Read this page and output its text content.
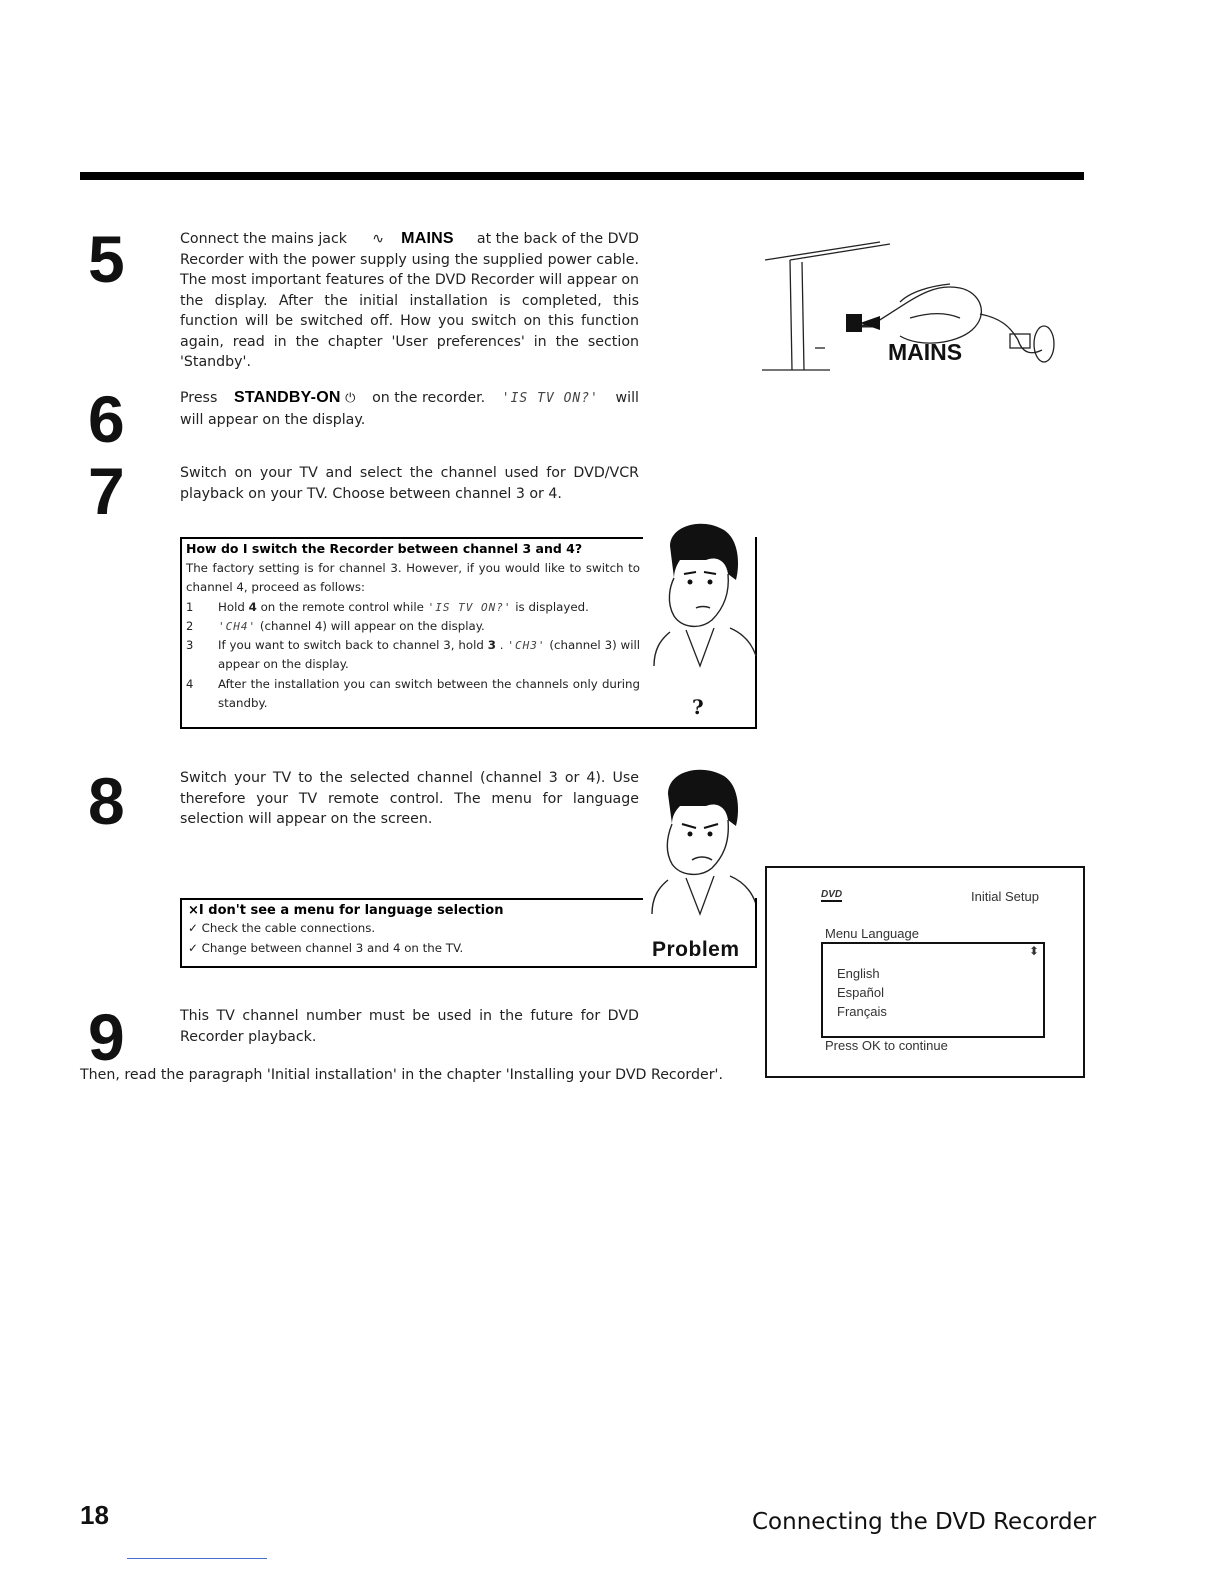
5	Connect the mains jack ∿ MAINS at the back of the DVD
Recorder with the power supply using the supplied power cable. The most important features of the DVD Recorder will appear on the display. After the initial installation is completed, this function will be switched off. How you switch on this function again, read in the chapter 'User preferences' in the section 'Standby'.	MAINS
6	Press STANDBY-ON ⏻ on the recorder. 'IS TV ON?' will
will appear on the display.
7	Switch on your TV and select the channel used for DVD/VCR playback on your TV. Choose between channel 3 or 4.
How do I switch the Recorder between channel 3 and 4?
The factory setting is for channel 3. However, if you would like to switch to channel 4, proceed as follows:
1 Hold 4 on the remote control while 'IS TV ON?' is displayed.
2 'CH4' (channel 4) will appear on the display.
3 If you want to switch back to channel 3, hold 3 . 'CH3' (channel 3) will appear on the display.
4 After the installation you can switch between the channels only during standby.	?
8	Switch your TV to the selected channel (channel 3 or 4). Use therefore your TV remote control. The menu for language selection will appear on the screen.
×I don't see a menu for language selection
✓ Check the cable connections.
✓ Change between channel 3 and 4 on the TV.	Problem
9	This TV channel number must be used in the future for DVD Recorder playback.
Then, read the paragraph 'Initial installation' in the chapter 'Installing your DVD Recorder'.
DVD	Initial Setup
Menu Language
⬍
English
Español
Français
Press OK to continue
18	Connecting the DVD Recorder
